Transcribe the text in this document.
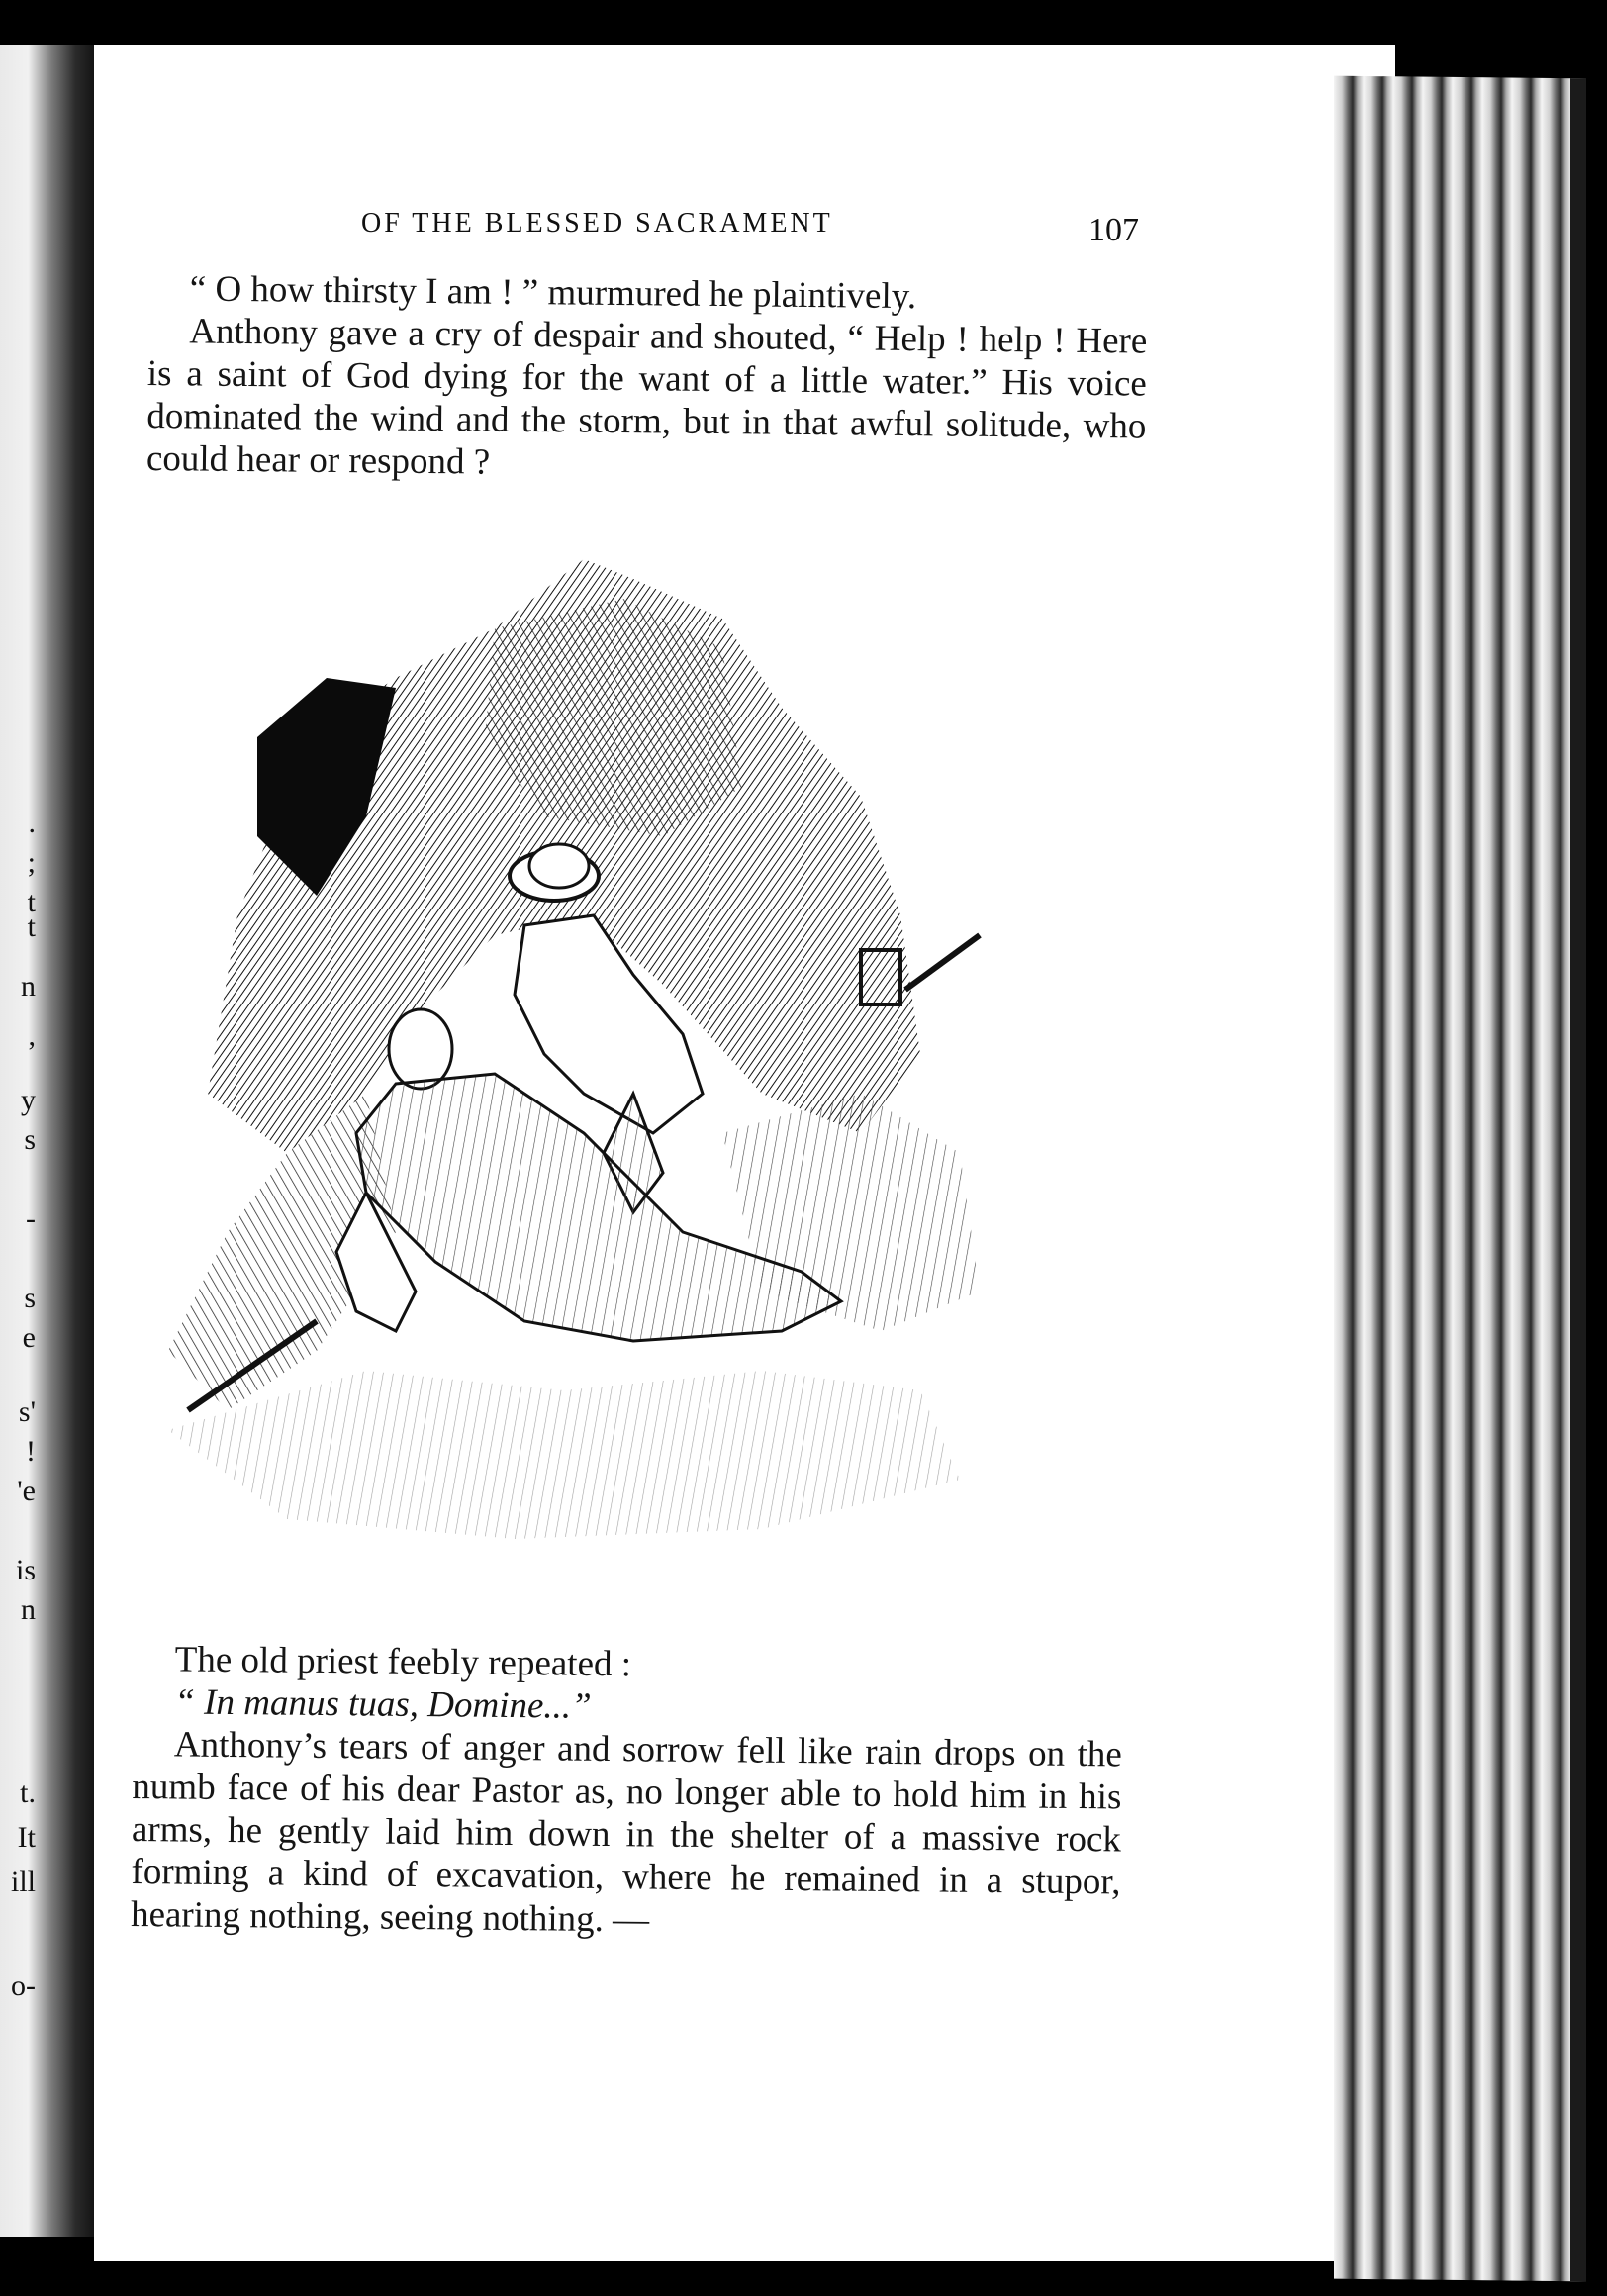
.
;
t
t
n
,
y
s
-
s
e
s'
!
'e
is
n
t.
It
ill
o-
OF THE BLESSED SACRAMENT	107

“ O how thirsty I am ! ” murmured he plaintively.

Anthony gave a cry of despair and shouted, “ Help ! help ! Here is a saint of God dying for the want of a little water.” His voice dominated the wind and the storm, but in that awful solitude, who could hear or respond ?

The old priest feebly repeated :

“ In manus tuas, Domine...”

Anthony’s tears of anger and sorrow fell like rain drops on the numb face of his dear Pastor as, no longer able to hold him in his arms, he gently laid him down in the shelter of a massive rock forming a kind of excavation, where he remained in a stupor, hearing nothing, seeing nothing. —
